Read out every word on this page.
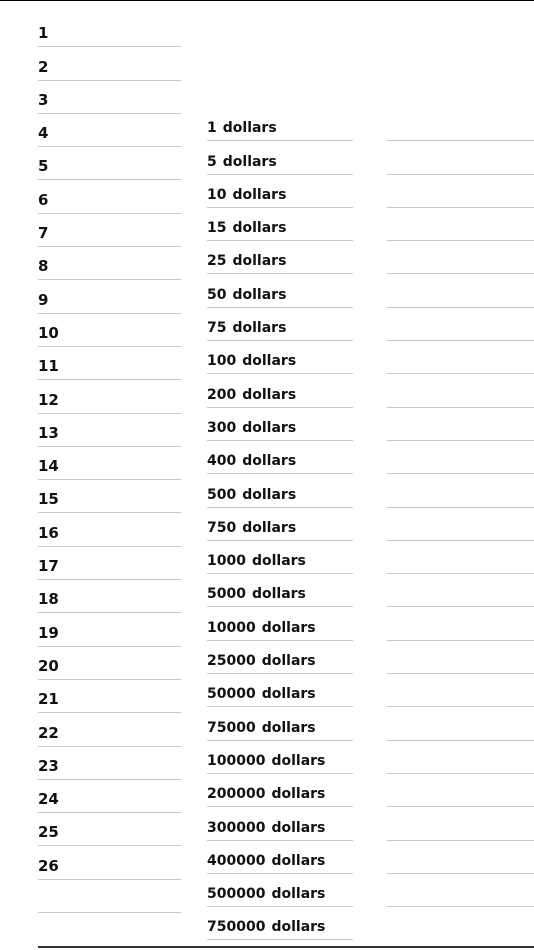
1
2
3
4
5
6
7
8
9
10
11
12
13
14
15
16
17
18
19
20
21
22
23
24
25
26
1 dollars
5 dollars
10 dollars
15 dollars
25 dollars
50 dollars
75 dollars
100 dollars
200 dollars
300 dollars
400 dollars
500 dollars
750 dollars
1000 dollars
5000 dollars
10000 dollars
25000 dollars
50000 dollars
75000 dollars
100000 dollars
200000 dollars
300000 dollars
400000 dollars
500000 dollars
750000 dollars
